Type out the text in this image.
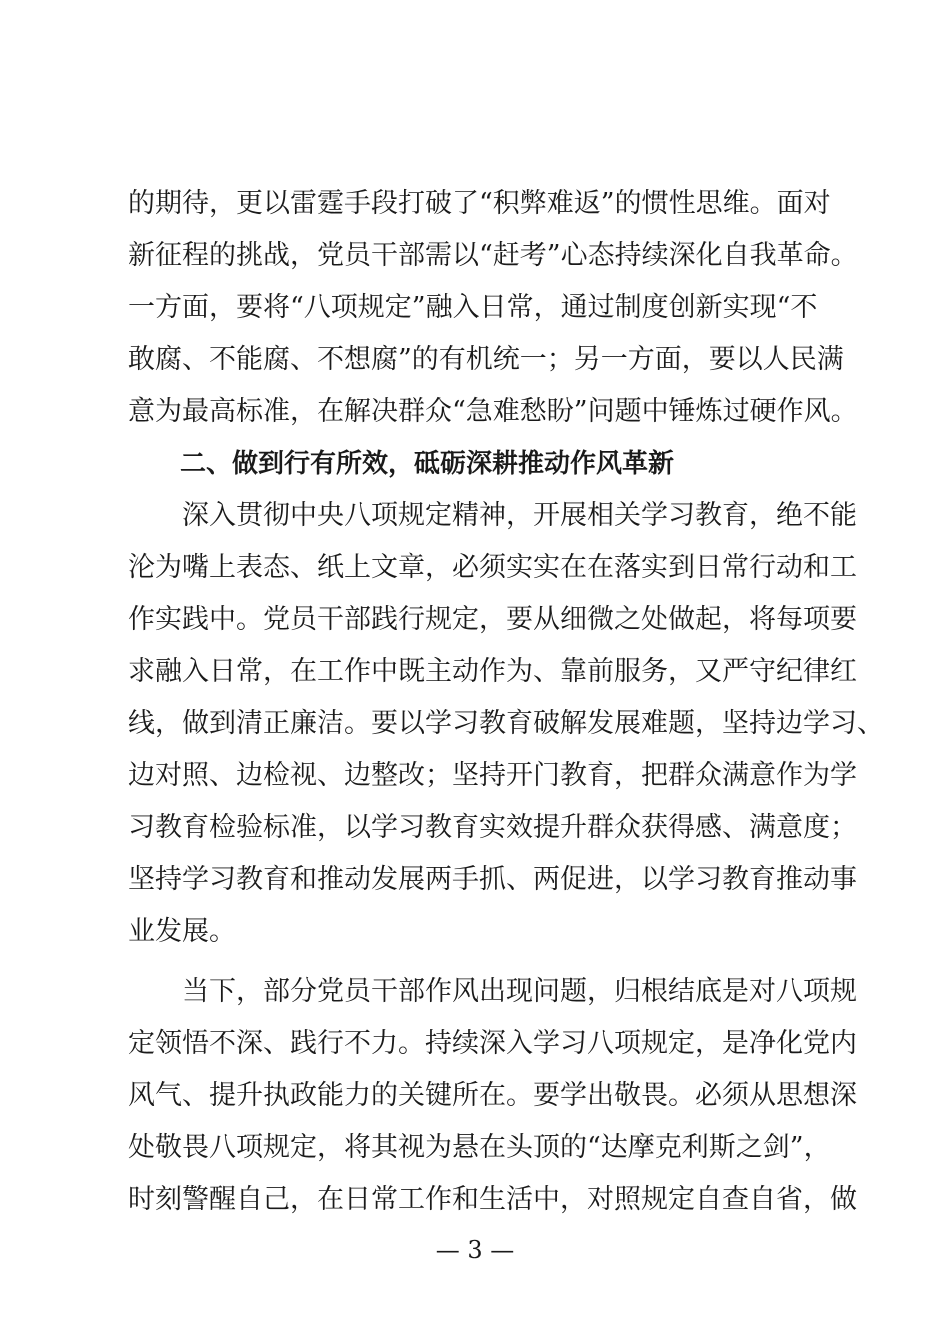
的期待，更以雷霆手段打破了“积弊难返”的惯性思维。面对
新征程的挑战，党员干部需以“赶考”心态持续深化自我革命。
一方面，要将“八项规定”融入日常，通过制度创新实现“不
敢腐、不能腐、不想腐”的有机统一；另一方面，要以人民满
意为最高标准，在解决群众“急难愁盼”问题中锤炼过硬作风。
二、做到行有所效，砥砺深耕推动作风革新
深入贯彻中央八项规定精神，开展相关学习教育，绝不能
沦为嘴上表态、纸上文章，必须实实在在落实到日常行动和工
作实践中。党员干部践行规定，要从细微之处做起，将每项要
求融入日常，在工作中既主动作为、靠前服务，又严守纪律红
线，做到清正廉洁。要以学习教育破解发展难题，坚持边学习、
边对照、边检视、边整改；坚持开门教育，把群众满意作为学
习教育检验标准，以学习教育实效提升群众获得感、满意度；
坚持学习教育和推动发展两手抓、两促进，以学习教育推动事
业发展。
当下，部分党员干部作风出现问题，归根结底是对八项规
定领悟不深、践行不力。持续深入学习八项规定，是净化党内
风气、提升执政能力的关键所在。要学出敬畏。必须从思想深
处敬畏八项规定，将其视为悬在头顶的“达摩克利斯之剑”，
时刻警醒自己，在日常工作和生活中，对照规定自查自省，做
— 3 —
